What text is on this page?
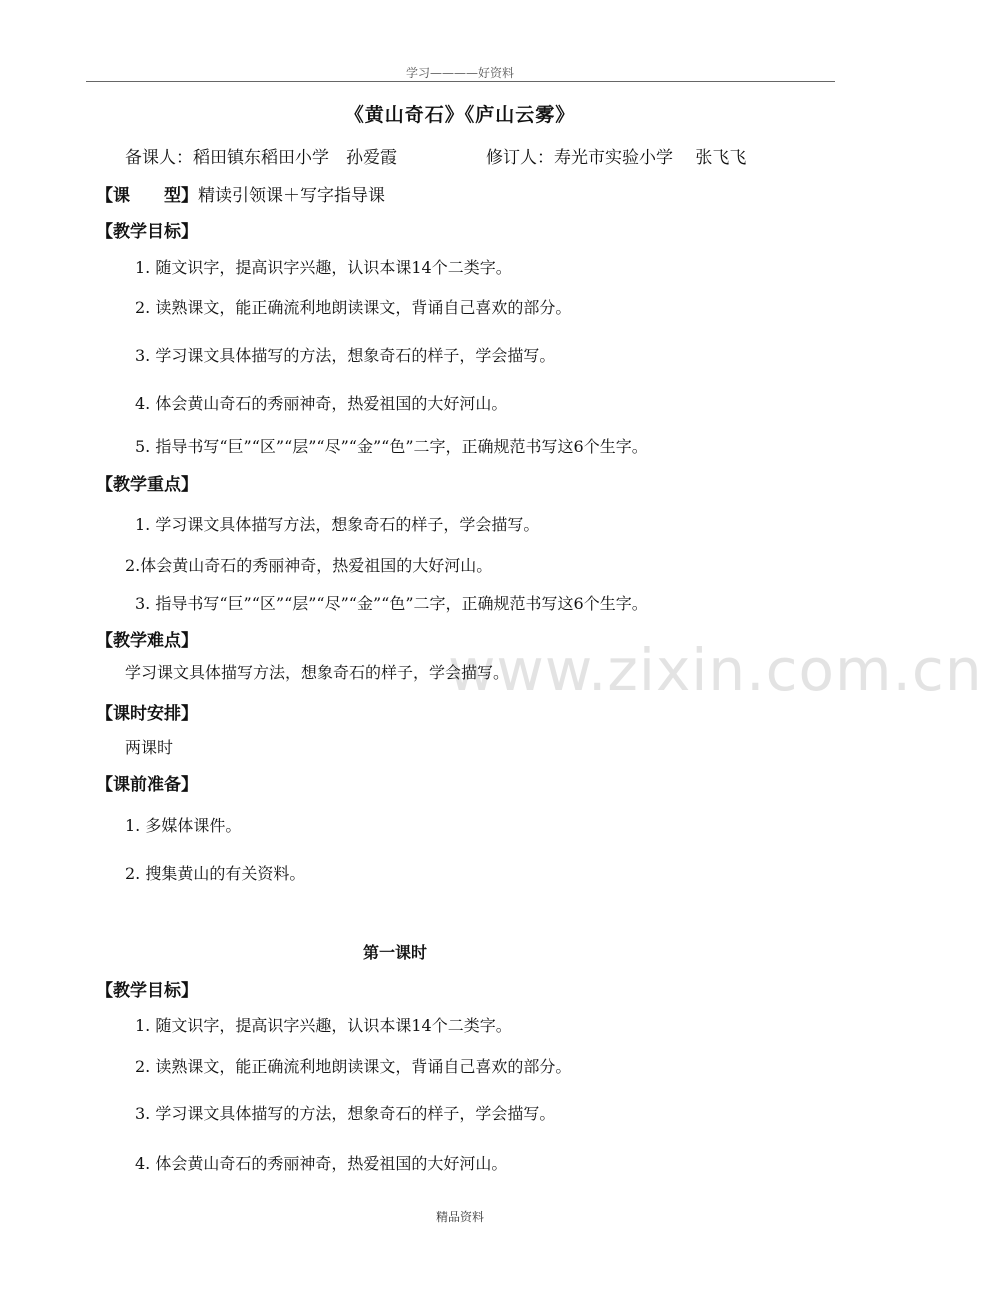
学习————好资料
www.zixin.com.cn
《黄山奇石》《庐山云雾》
备课人：稻田镇东稻田小学　孙爱霞	修订人：寿光市实验小学　 张飞飞
【课　　型】精读引领课＋写字指导课
【教学目标】
1. 随文识字，提高识字兴趣，认识本课14个二类字。
2. 读熟课文，能正确流利地朗读课文，背诵自己喜欢的部分。
3. 学习课文具体描写的方法，想象奇石的样子，学会描写。
4. 体会黄山奇石的秀丽神奇，热爱祖国的大好河山。
5. 指导书写“巨”“区”“层”“尽”“金”“色”二字，正确规范书写这6个生字。
【教学重点】
1. 学习课文具体描写方法，想象奇石的样子，学会描写。
2.体会黄山奇石的秀丽神奇，热爱祖国的大好河山。
3. 指导书写“巨”“区”“层”“尽”“金”“色”二字，正确规范书写这6个生字。
【教学难点】
学习课文具体描写方法，想象奇石的样子，学会描写。
【课时安排】
两课时
【课前准备】
1. 多媒体课件。
2. 搜集黄山的有关资料。
第一课时
【教学目标】
1. 随文识字，提高识字兴趣，认识本课14个二类字。
2. 读熟课文，能正确流利地朗读课文，背诵自己喜欢的部分。
3. 学习课文具体描写的方法，想象奇石的样子，学会描写。
4. 体会黄山奇石的秀丽神奇，热爱祖国的大好河山。
精品资料
